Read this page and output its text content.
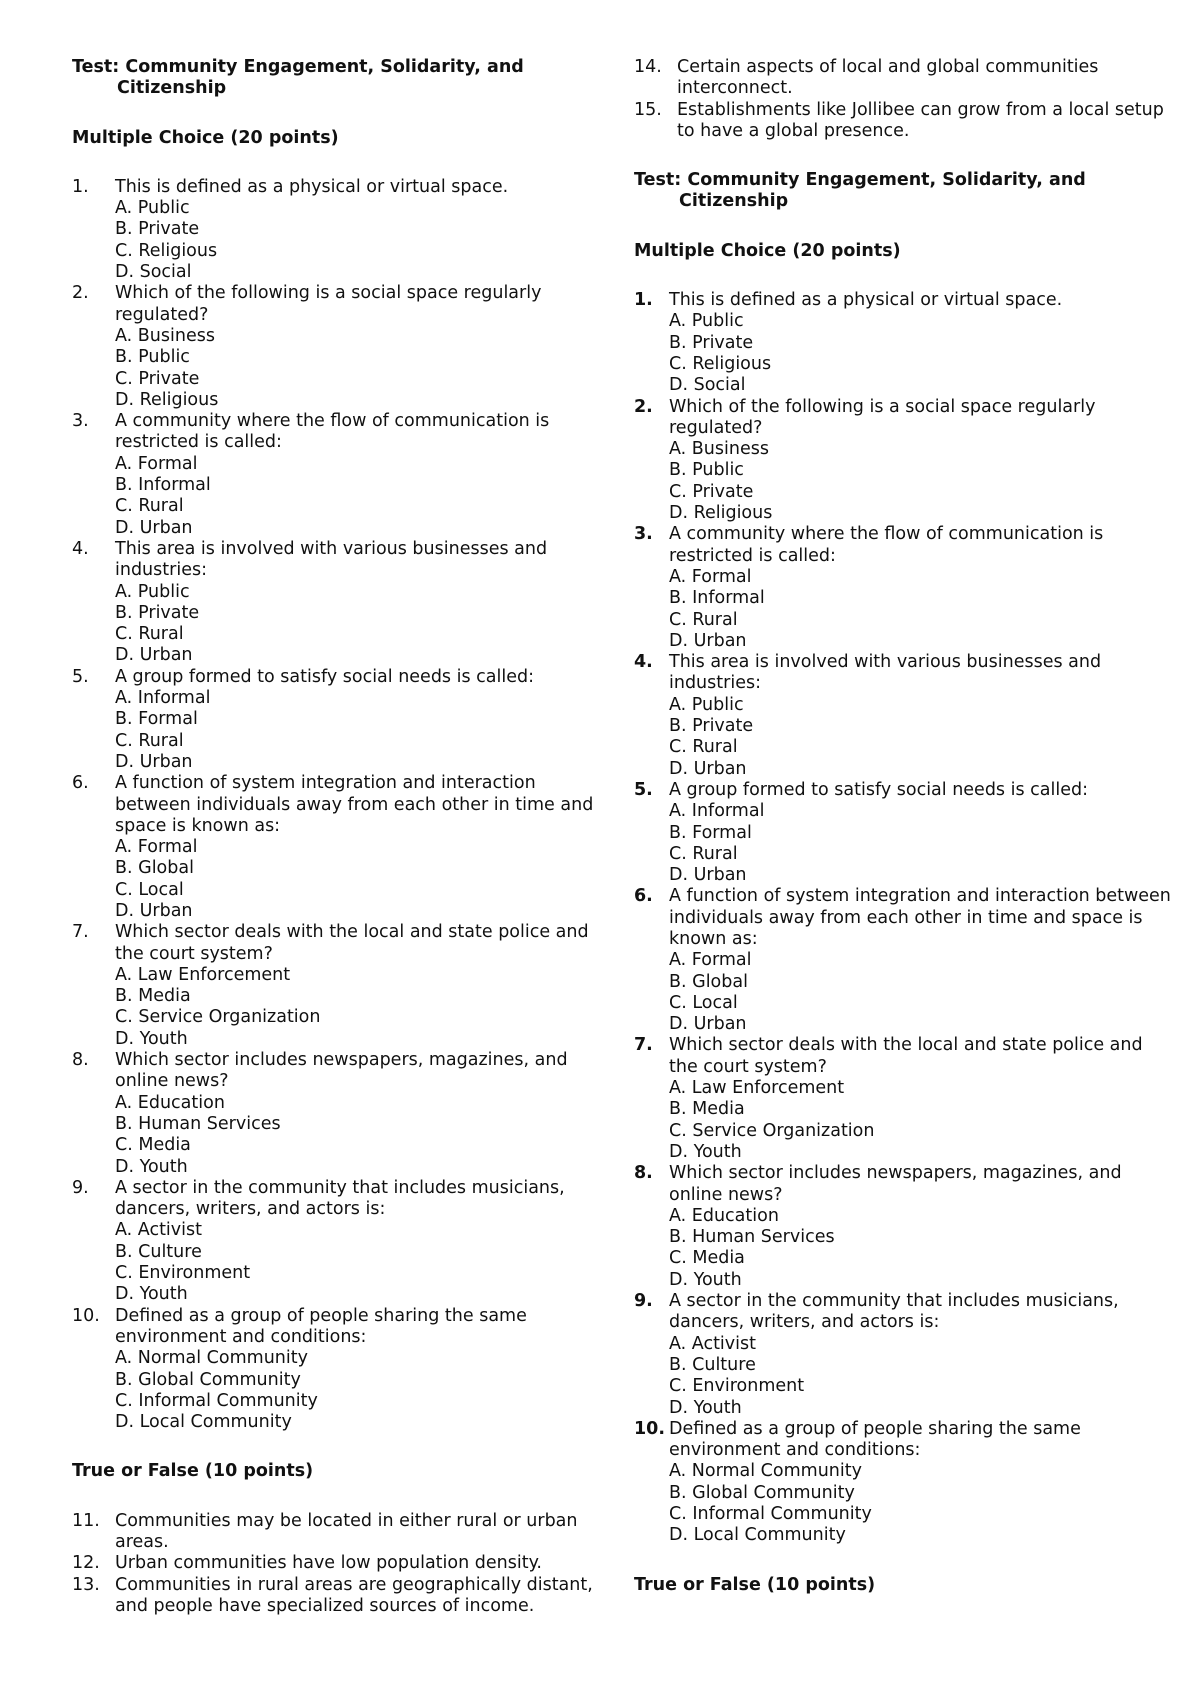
Test: Community Engagement, Solidarity, and Citizenship

Multiple Choice (20 points)

1. This is defined as a physical or virtual space.
A. Public
B. Private
C. Religious
D. Social
2. Which of the following is a social space regularly regulated?
A. Business
B. Public
C. Private
D. Religious
3. A community where the flow of communication is restricted is called:
A. Formal
B. Informal
C. Rural
D. Urban
4. This area is involved with various businesses and industries:
A. Public
B. Private
C. Rural
D. Urban
5. A group formed to satisfy social needs is called:
A. Informal
B. Formal
C. Rural
D. Urban
6. A function of system integration and interaction between individuals away from each other in time and space is known as:
A. Formal
B. Global
C. Local
D. Urban
7. Which sector deals with the local and state police and the court system?
A. Law Enforcement
B. Media
C. Service Organization
D. Youth
8. Which sector includes newspapers, magazines, and online news?
A. Education
B. Human Services
C. Media
D. Youth
9. A sector in the community that includes musicians, dancers, writers, and actors is:
A. Activist
B. Culture
C. Environment
D. Youth
10. Defined as a group of people sharing the same environment and conditions:
A. Normal Community
B. Global Community
C. Informal Community
D. Local Community

True or False (10 points)

11. Communities may be located in either rural or urban areas.
12. Urban communities have low population density.
13. Communities in rural areas are geographically distant, and people have specialized sources of income.
14. Certain aspects of local and global communities interconnect.
15. Establishments like Jollibee can grow from a local setup to have a global presence.

Test: Community Engagement, Solidarity, and Citizenship

Multiple Choice (20 points)

1. This is defined as a physical or virtual space.
A. Public
B. Private
C. Religious
D. Social
2. Which of the following is a social space regularly regulated?
A. Business
B. Public
C. Private
D. Religious
3. A community where the flow of communication is restricted is called:
A. Formal
B. Informal
C. Rural
D. Urban
4. This area is involved with various businesses and industries:
A. Public
B. Private
C. Rural
D. Urban
5. A group formed to satisfy social needs is called:
A. Informal
B. Formal
C. Rural
D. Urban
6. A function of system integration and interaction between individuals away from each other in time and space is known as:
A. Formal
B. Global
C. Local
D. Urban
7. Which sector deals with the local and state police and the court system?
A. Law Enforcement
B. Media
C. Service Organization
D. Youth
8. Which sector includes newspapers, magazines, and online news?
A. Education
B. Human Services
C. Media
D. Youth
9. A sector in the community that includes musicians, dancers, writers, and actors is:
A. Activist
B. Culture
C. Environment
D. Youth
10. Defined as a group of people sharing the same environment and conditions:
A. Normal Community
B. Global Community
C. Informal Community
D. Local Community

True or False (10 points)
